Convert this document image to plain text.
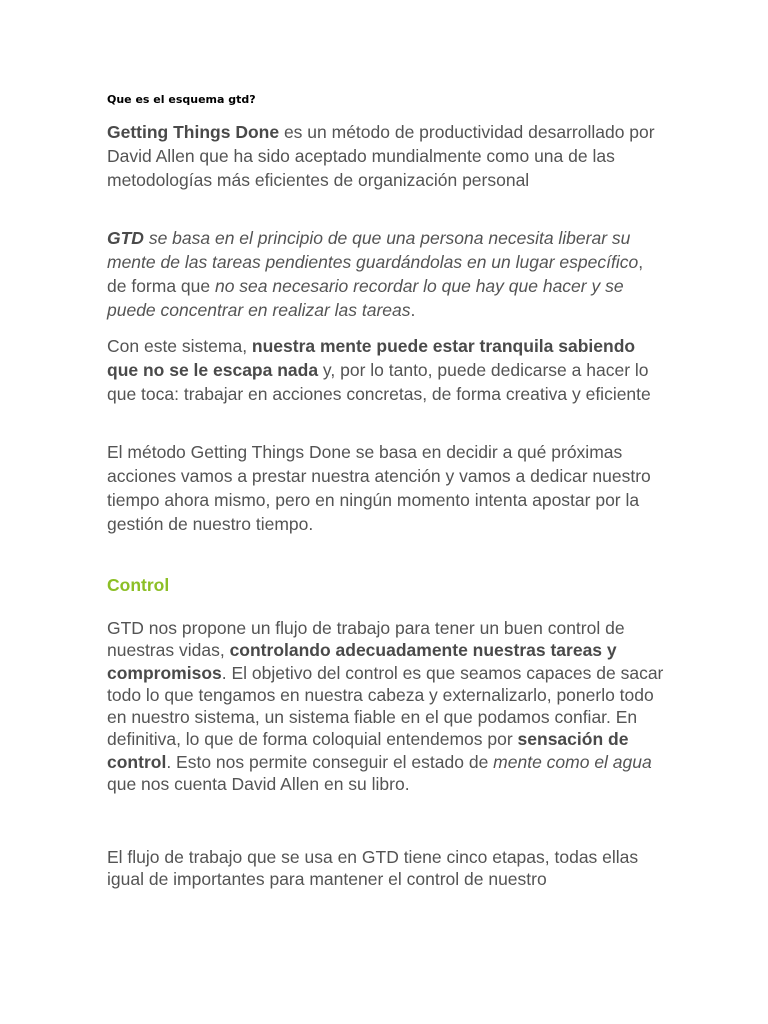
Que es el esquema gtd?

Getting Things Done es un método de productividad desarrollado por David Allen que ha sido aceptado mundialmente como una de las metodologías más eficientes de organización personal

GTD se basa en el principio de que una persona necesita liberar su mente de las tareas pendientes guardándolas en un lugar específico, de forma que no sea necesario recordar lo que hay que hacer y se puede concentrar en realizar las tareas.

Con este sistema, nuestra mente puede estar tranquila sabiendo que no se le escapa nada y, por lo tanto, puede dedicarse a hacer lo que toca: trabajar en acciones concretas, de forma creativa y eficiente

El método Getting Things Done se basa en decidir a qué próximas acciones vamos a prestar nuestra atención y vamos a dedicar nuestro tiempo ahora mismo, pero en ningún momento intenta apostar por la gestión de nuestro tiempo.

Control

GTD nos propone un flujo de trabajo para tener un buen control de nuestras vidas, controlando adecuadamente nuestras tareas y compromisos. El objetivo del control es que seamos capaces de sacar todo lo que tengamos en nuestra cabeza y externalizarlo, ponerlo todo en nuestro sistema, un sistema fiable en el que podamos confiar. En definitiva, lo que de forma coloquial entendemos por sensación de control. Esto nos permite conseguir el estado de mente como el agua que nos cuenta David Allen en su libro.

El flujo de trabajo que se usa en GTD tiene cinco etapas, todas ellas igual de importantes para mantener el control de nuestro
